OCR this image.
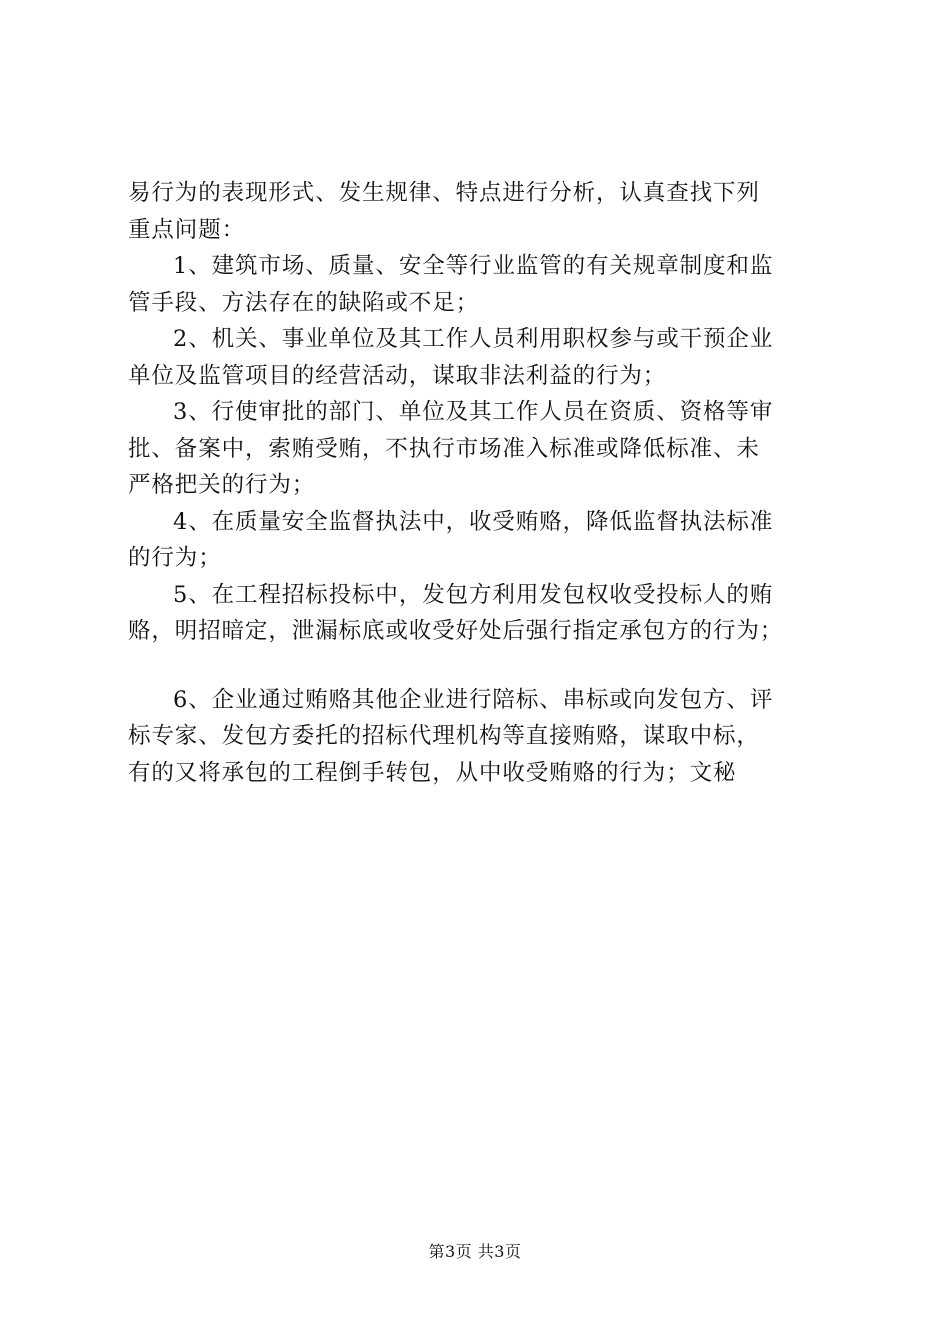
易行为的表现形式、发生规律、特点进行分析，认真查找下列
重点问题：
1、建筑市场、质量、安全等行业监管的有关规章制度和监
管手段、方法存在的缺陷或不足；
2、机关、事业单位及其工作人员利用职权参与或干预企业
单位及监管项目的经营活动，谋取非法利益的行为；
3、行使审批的部门、单位及其工作人员在资质、资格等审
批、备案中，索贿受贿，不执行市场准入标准或降低标准、未
严格把关的行为；
4、在质量安全监督执法中，收受贿赂，降低监督执法标准
的行为；
5、在工程招标投标中，发包方利用发包权收受投标人的贿
赂，明招暗定，泄漏标底或收受好处后强行指定承包方的行为；
6、企业通过贿赂其他企业进行陪标、串标或向发包方、评
标专家、发包方委托的招标代理机构等直接贿赂，谋取中标，
有的又将承包的工程倒手转包，从中收受贿赂的行为；文秘
第3页 共3页
